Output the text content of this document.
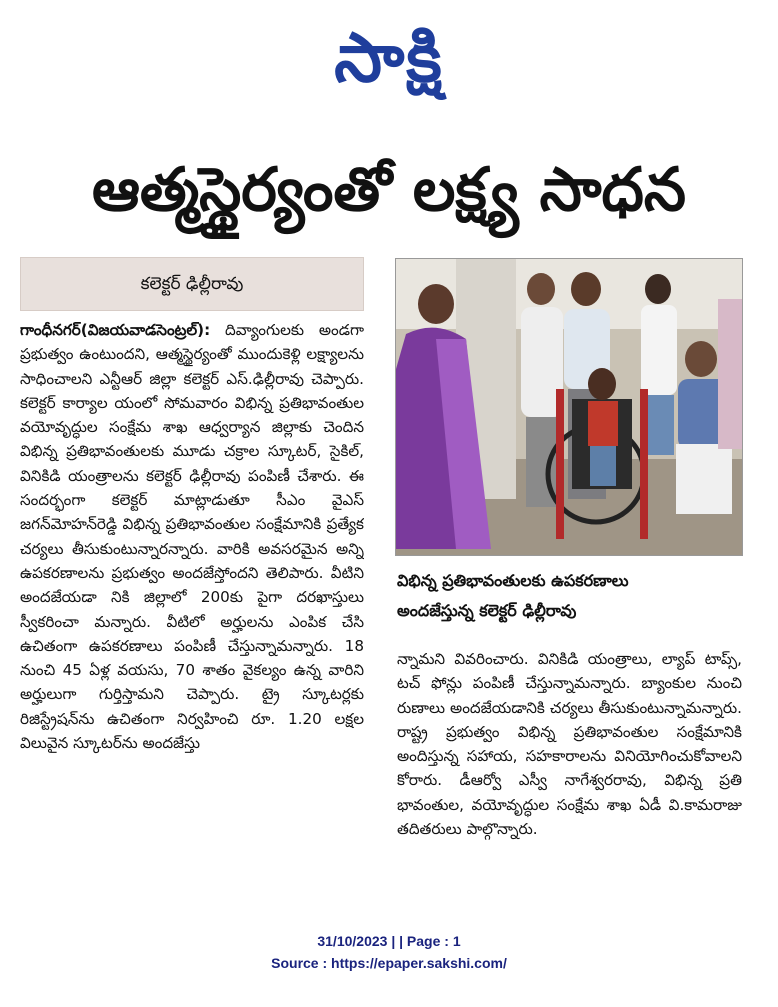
సాక్షి
ఆత్మస్థైర్యంతో లక్ష్య సాధన
కలెక్టర్ ఢిల్లీరావు
గాంధీనగర్(విజయవాడసెంట్రల్): దివ్యాంగులకు అండగా ప్రభుత్వం ఉంటుందని, ఆత్మస్థైర్యంతో ముందుకెళ్లి లక్ష్యాలను సాధించాలని ఎన్టీఆర్ జిల్లా కలెక్టర్ ఎస్.ఢిల్లీరావు చెప్పారు. కలెక్టర్ కార్యాల యంలో సోమవారం విభిన్న ప్రతిభావంతుల వయోవృద్ధుల సంక్షేమ శాఖ ఆధ్వర్యాన జిల్లాకు చెందిన విభిన్న ప్రతిభావంతులకు మూడు చక్రాల స్కూటర్, సైకిల్, వినికిడి యంత్రాలను కలెక్టర్ ఢిల్లీరావు పంపిణీ చేశారు. ఈ సందర్భంగా కలెక్టర్ మాట్లాడుతూ సీఎం వైఎస్ జగన్‌మోహన్‌రెడ్డి విభిన్న ప్రతిభావంతుల సంక్షేమానికి ప్రత్యేక చర్యలు తీసుకుంటున్నారన్నారు. వారికి అవసరమైన అన్ని ఉపకరణాలను ప్రభుత్వం అందజేస్తోందని తెలిపారు. వీటిని అందజేయడా నికి జిల్లాలో 200కు పైగా దరఖాస్తులు స్వీకరించా మన్నారు. వీటిలో అర్హులను ఎంపిక చేసి ఉచితంగా ఉపకరణాలు పంపిణీ చేస్తున్నామన్నారు. 18 నుంచి 45 ఏళ్ల వయసు, 70 శాతం వైకల్యం ఉన్న వారిని అర్హులుగా గుర్తిస్తామని చెప్పారు. ట్రై స్కూటర్లకు రిజిస్ట్రేషన్‌ను ఉచితంగా నిర్వహించి రూ. 1.20 లక్షల విలువైన స్కూటర్‌ను అందజేస్తు
విభిన్న ప్రతిభావంతులకు ఉపకరణాలు
అందజేస్తున్న కలెక్టర్ ఢిల్లీరావు
న్నామని వివరించారు. వినికిడి యంత్రాలు, ల్యాప్ టాప్స్, టచ్ ఫోన్లు పంపిణీ చేస్తున్నామన్నారు. బ్యాంకుల నుంచి రుణాలు అందజేయడానికి చర్యలు తీసుకుంటున్నామన్నారు. రాష్ట్ర ప్రభుత్వం విభిన్న ప్రతిభావంతుల సంక్షేమానికి అందిస్తున్న సహాయ, సహకారాలను వినియోగించుకోవాలని కోరారు. డీఆర్వో ఎస్వీ నాగేశ్వరరావు, విభిన్న ప్రతి భావంతుల, వయోవృద్ధుల సంక్షేమ శాఖ ఏడీ వి.కామరాజు తదితరులు పాల్గొన్నారు.
31/10/2023 | | Page : 1
Source : https://epaper.sakshi.com/
